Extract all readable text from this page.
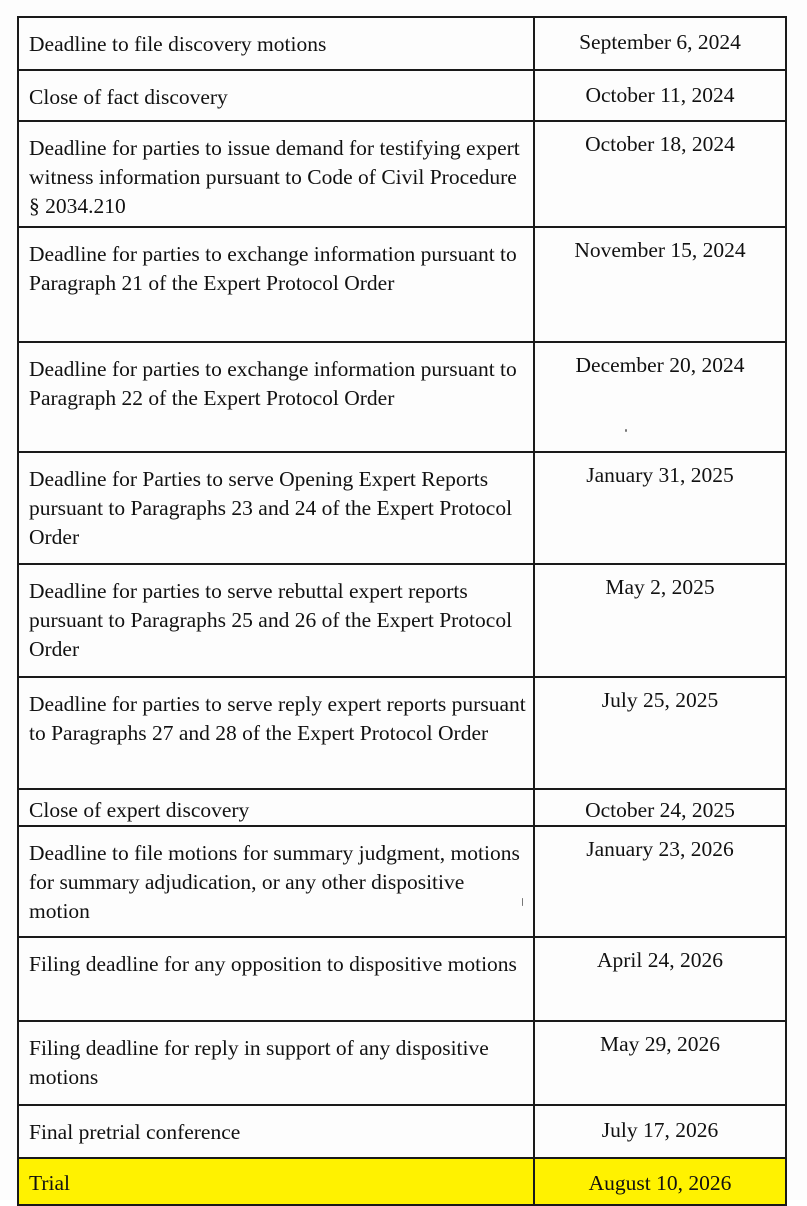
Deadline to file discovery motions	September 6, 2024

Close of fact discovery	October 11, 2024

Deadline for parties to issue demand for testifying expert witness information pursuant to Code of Civil Procedure § 2034.210	October 18, 2024

Deadline for parties to exchange information pursuant to Paragraph 21 of the Expert Protocol Order	November 15, 2024

Deadline for parties to exchange information pursuant to Paragraph 22 of the Expert Protocol Order	December 20, 2024

Deadline for Parties to serve Opening Expert Reports pursuant to Paragraphs 23 and 24 of the Expert Protocol Order	January 31, 2025

Deadline for parties to serve rebuttal expert reports pursuant to Paragraphs 25 and 26 of the Expert Protocol Order	May 2, 2025

Deadline for parties to serve reply expert reports pursuant to Paragraphs 27 and 28 of the Expert Protocol Order	July 25, 2025

Close of expert discovery	October 24, 2025

Deadline to file motions for summary judgment, motions for summary adjudication, or any other dispositive motion	January 23, 2026

Filing deadline for any opposition to dispositive motions	April 24, 2026

Filing deadline for reply in support of any dispositive motions	May 29, 2026

Final pretrial conference	July 17, 2026

Trial	August 10, 2026
